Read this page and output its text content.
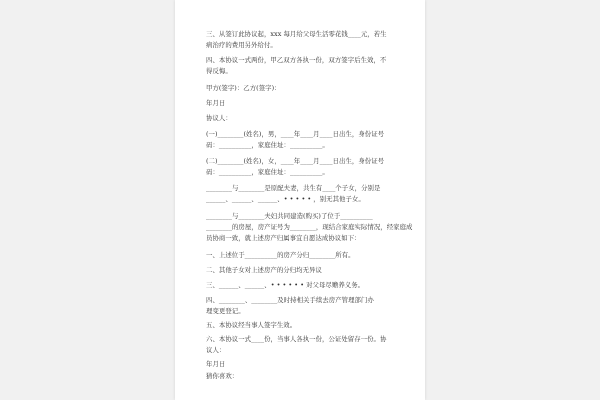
三、从签订此协议起，xxx 每月给父母生活零花钱____元，若生
病治疗的费用另外给付。
四、本协议一式两份，甲乙双方各执一份，双方签字后生效，不
得反悔。
甲方(签字)：乙方(签字)：
年月日
协议人：
(一)________(姓名)，男，____年____月____日出生，身份证号
码：__________，家庭住址：__________。
(二)________(姓名)，女，____年____月____日出生，身份证号
码：__________，家庭住址：__________。
________与________是原配夫妻，共生有____个子女，分别是
______、______、______、• • • • • ，别无其他子女。
________与________夫妇共同建造(购买)了位于__________
________的房屋，房产证号为________，现结合家庭实际情况，经家庭成
员协商一致，就上述房产归属事宜自愿达成协议如下：
一、上述位于__________的房产分归________所有。
二、其他子女对上述房产的分归均无异议
三、______、______、• • • • • • 对父母尽赡养义务。
四、________、________及时持相关手续去房产管理部门办
理变更登记。
五、本协议经当事人签字生效。
六、本协议一式____份，当事人各执一份，公证处留存一份。协
议人：
年月日
猜你喜欢：
